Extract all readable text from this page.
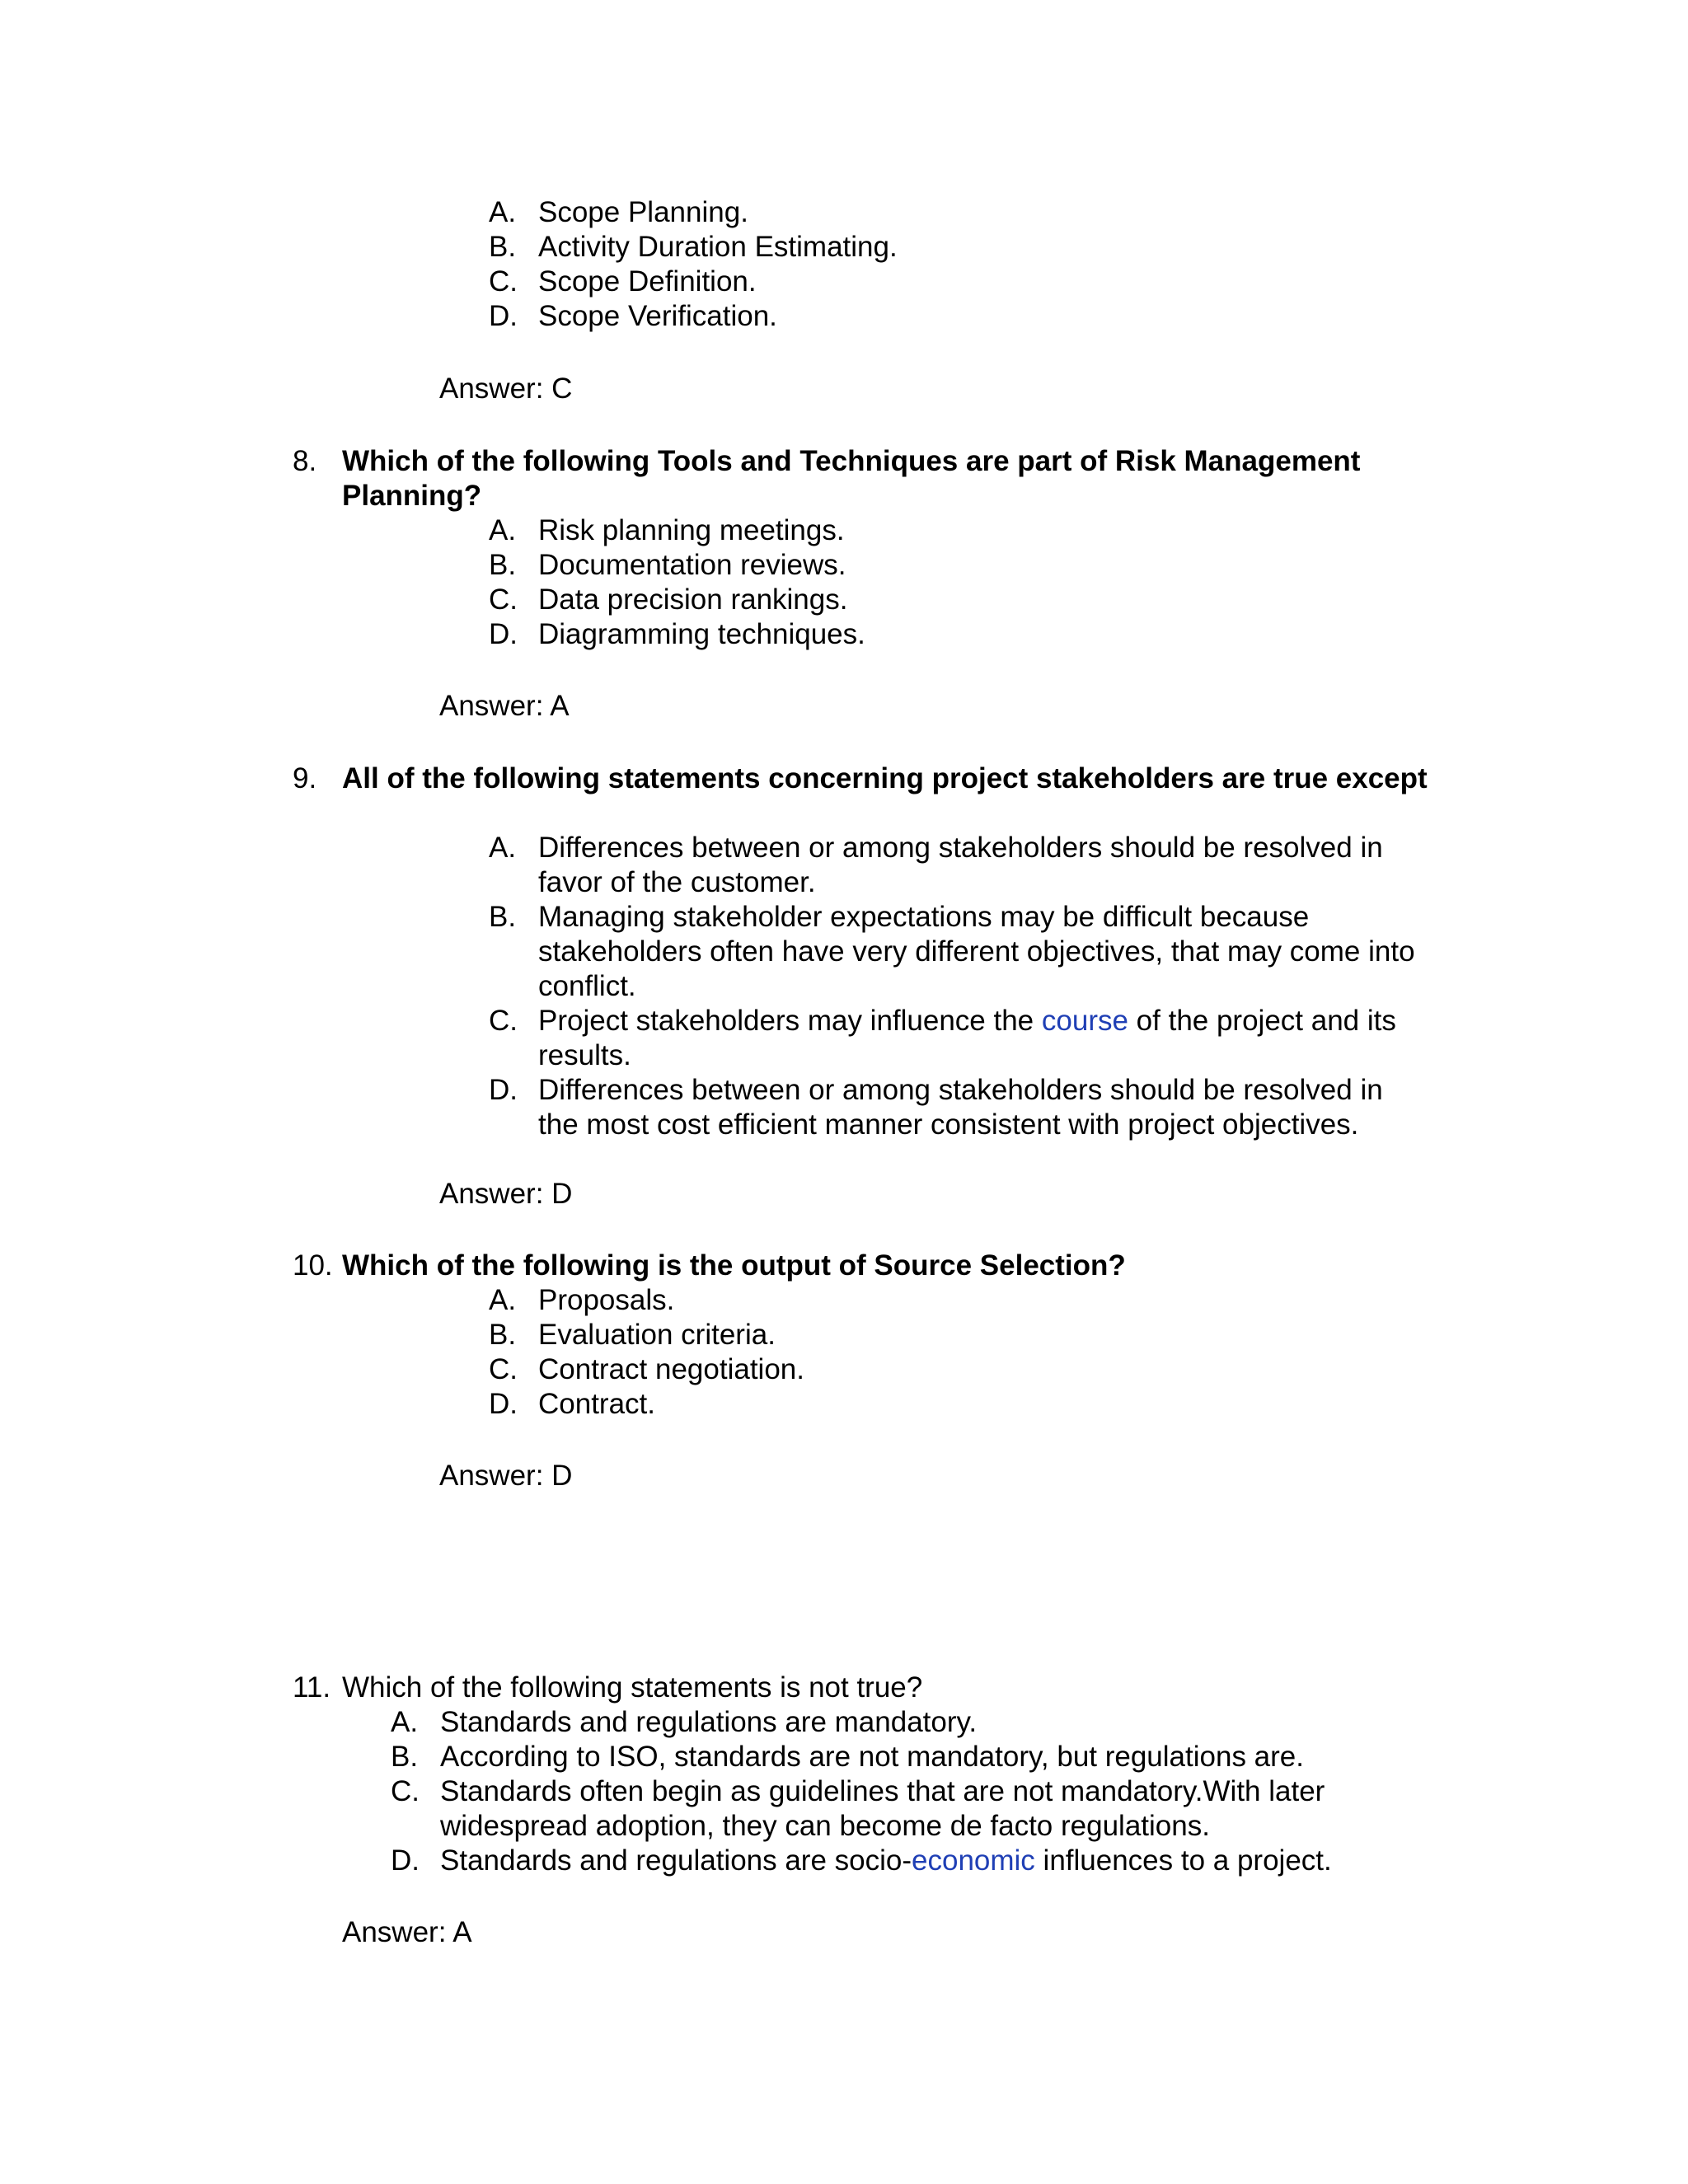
A. Scope Planning.
B. Activity Duration Estimating.
C. Scope Definition.
D. Scope Verification.

Answer: C

8. Which of the following Tools and Techniques are part of Risk Management Planning?
A. Risk planning meetings.
B. Documentation reviews.
C. Data precision rankings.
D. Diagramming techniques.

Answer: A

9. All of the following statements concerning project stakeholders are true except
A. Differences between or among stakeholders should be resolved in favor of the customer.
B. Managing stakeholder expectations may be difficult because stakeholders often have very different objectives, that may come into conflict.
C. Project stakeholders may influence the course of the project and its results.
D. Differences between or among stakeholders should be resolved in the most cost efficient manner consistent with project objectives.

Answer: D

10. Which of the following is the output of Source Selection?
A. Proposals.
B. Evaluation criteria.
C. Contract negotiation.
D. Contract.

Answer: D

11. Which of the following statements is not true?
A. Standards and regulations are mandatory.
B. According to ISO, standards are not mandatory, but regulations are.
C. Standards often begin as guidelines that are not mandatory.With later widespread adoption, they can become de facto regulations.
D. Standards and regulations are socio-economic influences to a project.

Answer: A
